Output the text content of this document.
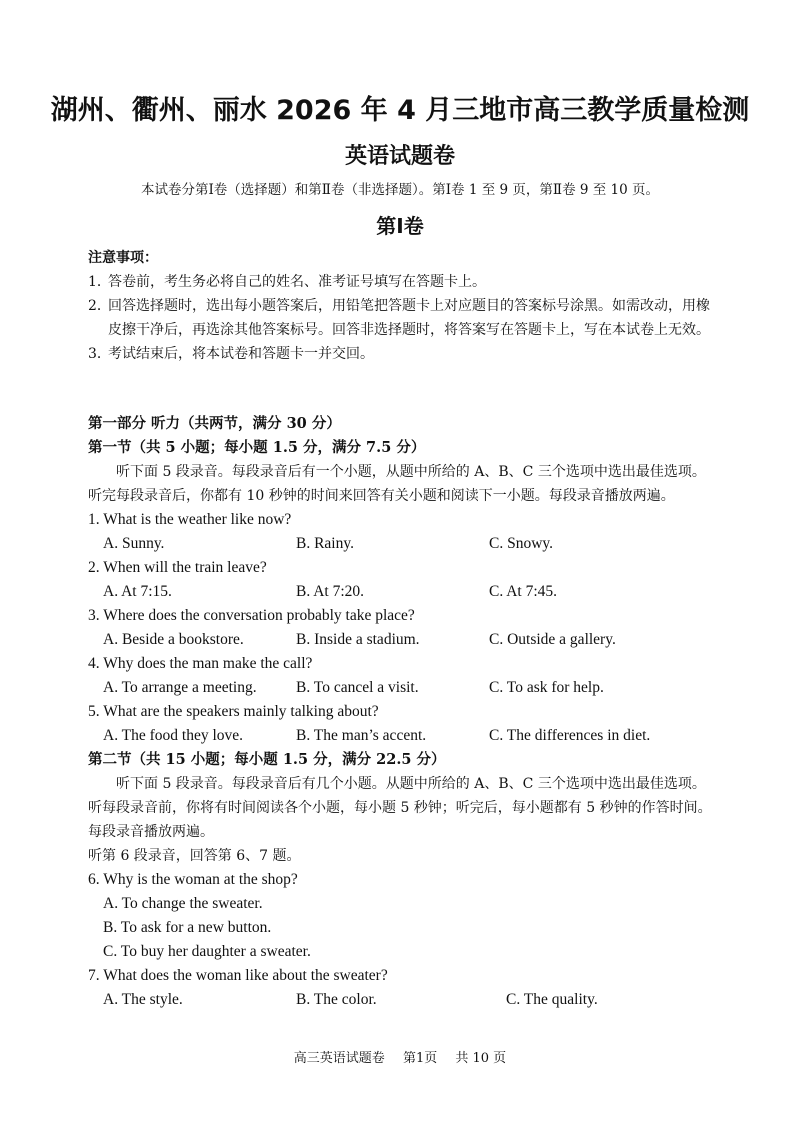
湖州、衢州、丽水 2026 年 4 月三地市高三教学质量检测
英语试题卷
本试卷分第Ⅰ卷（选择题）和第Ⅱ卷（非选择题）。第Ⅰ卷 1 至 9 页，第Ⅱ卷 9 至 10 页。
第Ⅰ卷
注意事项：
1．
答卷前，考生务必将自己的姓名、准考证号填写在答题卡上。
2．
回答选择题时，选出每小题答案后，用铅笔把答题卡上对应题目的答案标号涂黑。如需改动，用橡皮擦干净后，再选涂其他答案标号。回答非选择题时，将答案写在答题卡上，写在本试卷上无效。
3．
考试结束后，将本试卷和答题卡一并交回。
第一部分 听力（共两节，满分 30 分）
第一节（共 5 小题；每小题 1.5 分，满分 7.5 分）
听下面 5 段录音。每段录音后有一个小题，从题中所给的 A、B、C 三个选项中选出最佳选项。听完每段录音后，你都有 10 秒钟的时间来回答有关小题和阅读下一小题。每段录音播放两遍。
1. What is the weather like now?
A. Sunny.	B. Rainy.	C. Snowy.
2. When will the train leave?
A. At 7:15.	B. At 7:20.	C. At 7:45.
3. Where does the conversation probably take place?
A. Beside a bookstore.	B. Inside a stadium.	C. Outside a gallery.
4. Why does the man make the call?
A. To arrange a meeting.	B. To cancel a visit.	C. To ask for help.
5. What are the speakers mainly talking about?
A. The food they love.	B. The man’s accent.	C. The differences in diet.
第二节（共 15 小题；每小题 1.5 分，满分 22.5 分）
听下面 5 段录音。每段录音后有几个小题。从题中所给的 A、B、C 三个选项中选出最佳选项。听每段录音前，你将有时间阅读各个小题，每小题 5 秒钟；听完后，每小题都有 5 秒钟的作答时间。每段录音播放两遍。
听第 6 段录音，回答第 6、7 题。
6. Why is the woman at the shop?
A. To change the sweater.
B. To ask for a new button.
C. To buy her daughter a sweater.
7. What does the woman like about the sweater?
A. The style.	B. The color.	C. The quality.
高三英语试题卷 第1页 共 10 页
